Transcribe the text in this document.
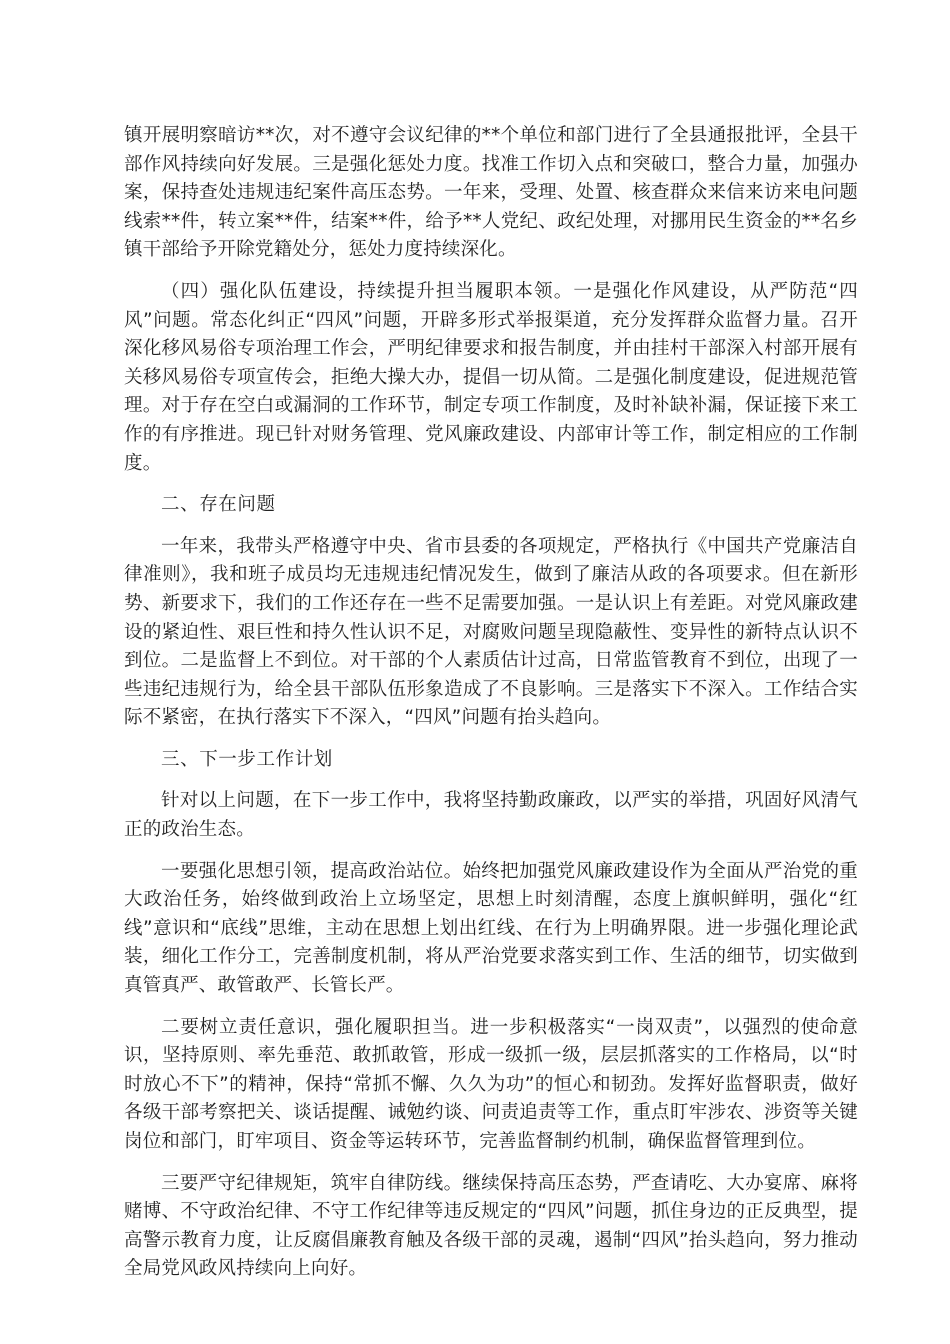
镇开展明察暗访**次，对不遵守会议纪律的**个单位和部门进行了全县通报批评，全县干部作风持续向好发展。三是强化惩处力度。找准工作切入点和突破口，整合力量，加强办案，保持查处违规违纪案件高压态势。一年来，受理、处置、核查群众来信来访来电问题线索**件，转立案**件，结案**件，给予**人党纪、政纪处理，对挪用民生资金的**名乡镇干部给予开除党籍处分，惩处力度持续深化。

（四）强化队伍建设，持续提升担当履职本领。一是强化作风建设，从严防范“四风”问题。常态化纠正“四风”问题，开辟多形式举报渠道，充分发挥群众监督力量。召开深化移风易俗专项治理工作会，严明纪律要求和报告制度，并由挂村干部深入村部开展有关移风易俗专项宣传会，拒绝大操大办，提倡一切从简。二是强化制度建设，促进规范管理。对于存在空白或漏洞的工作环节，制定专项工作制度，及时补缺补漏，保证接下来工作的有序推进。现已针对财务管理、党风廉政建设、内部审计等工作，制定相应的工作制度。

二、存在问题

一年来，我带头严格遵守中央、省市县委的各项规定，严格执行《中国共产党廉洁自律准则》，我和班子成员均无违规违纪情况发生，做到了廉洁从政的各项要求。但在新形势、新要求下，我们的工作还存在一些不足需要加强。一是认识上有差距。对党风廉政建设的紧迫性、艰巨性和持久性认识不足，对腐败问题呈现隐蔽性、变异性的新特点认识不到位。二是监督上不到位。对干部的个人素质估计过高，日常监管教育不到位，出现了一些违纪违规行为，给全县干部队伍形象造成了不良影响。三是落实下不深入。工作结合实际不紧密，在执行落实下不深入，“四风”问题有抬头趋向。

三、下一步工作计划

针对以上问题，在下一步工作中，我将坚持勤政廉政，以严实的举措，巩固好风清气正的政治生态。

一要强化思想引领，提高政治站位。始终把加强党风廉政建设作为全面从严治党的重大政治任务，始终做到政治上立场坚定，思想上时刻清醒，态度上旗帜鲜明，强化“红线”意识和“底线”思维，主动在思想上划出红线、在行为上明确界限。进一步强化理论武装，细化工作分工，完善制度机制，将从严治党要求落实到工作、生活的细节，切实做到真管真严、敢管敢严、长管长严。

二要树立责任意识，强化履职担当。进一步积极落实“一岗双责”，以强烈的使命意识，坚持原则、率先垂范、敢抓敢管，形成一级抓一级，层层抓落实的工作格局，以“时时放心不下”的精神，保持“常抓不懈、久久为功”的恒心和韧劲。发挥好监督职责，做好各级干部考察把关、谈话提醒、诫勉约谈、问责追责等工作，重点盯牢涉农、涉资等关键岗位和部门，盯牢项目、资金等运转环节，完善监督制约机制，确保监督管理到位。

三要严守纪律规矩，筑牢自律防线。继续保持高压态势，严查请吃、大办宴席、麻将赌博、不守政治纪律、不守工作纪律等违反规定的“四风”问题，抓住身边的正反典型，提高警示教育力度，让反腐倡廉教育触及各级干部的灵魂，遏制“四风”抬头趋向，努力推动全局党风政风持续向上向好。
